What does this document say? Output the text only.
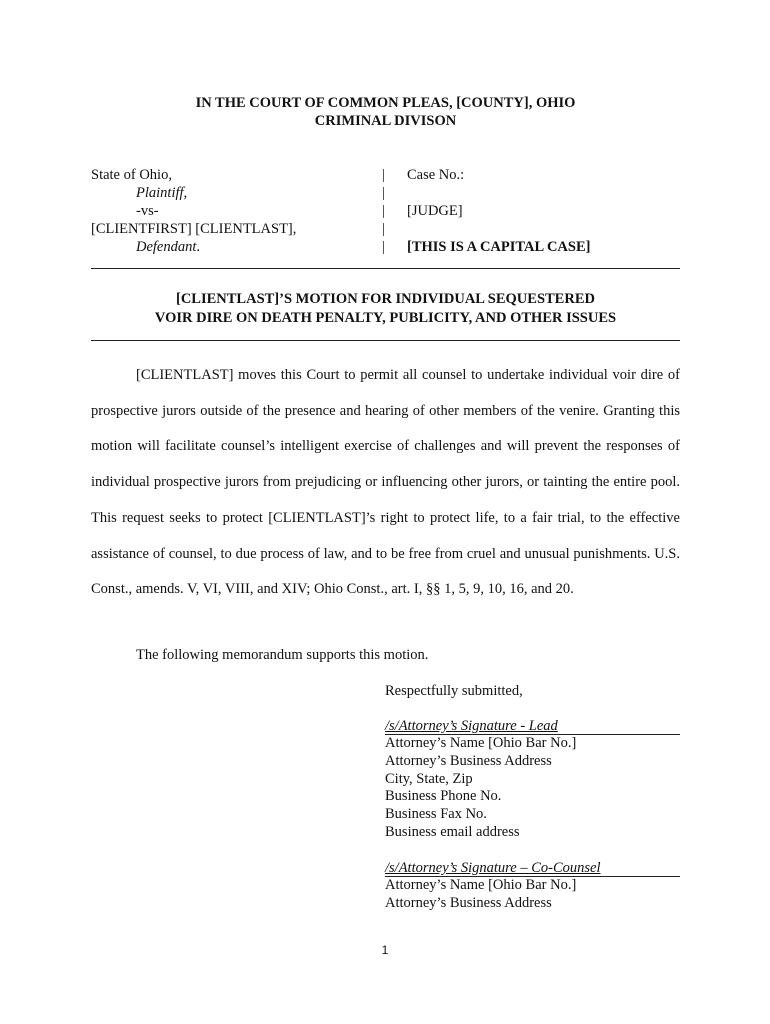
IN THE COURT OF COMMON PLEAS, [COUNTY], OHIO
CRIMINAL DIVISON
State of Ohio,
Plaintiff,
-vs-
[CLIENTFIRST] [CLIENTLAST],
Defendant.
|
|
|
|
|
Case No.:

[JUDGE]

[THIS IS A CAPITAL CASE]
[CLIENTLAST]’S MOTION FOR INDIVIDUAL SEQUESTERED
VOIR DIRE ON DEATH PENALTY, PUBLICITY, AND OTHER ISSUES

[CLIENTLAST] moves this Court to permit all counsel to undertake individual voir dire of prospective jurors outside of the presence and hearing of other members of the venire. Granting this motion will facilitate counsel’s intelligent exercise of challenges and will prevent the responses of individual prospective jurors from prejudicing or influencing other jurors, or tainting the entire pool. This request seeks to protect [CLIENTLAST]’s right to protect life, to a fair trial, to the effective assistance of counsel, to due process of law, and to be free from cruel and unusual punishments. U.S. Const., amends. V, VI, VIII, and XIV; Ohio Const., art. I, §§ 1, 5, 9, 10, 16, and 20.

The following memorandum supports this motion.
Respectfully submitted,
/s/Attorney’s Signature - Lead
Attorney’s Name [Ohio Bar No.]
Attorney’s Business Address
City, State, Zip
Business Phone No.
Business Fax No.
Business email address
/s/Attorney’s Signature – Co-Counsel
Attorney’s Name [Ohio Bar No.]
Attorney’s Business Address
1
